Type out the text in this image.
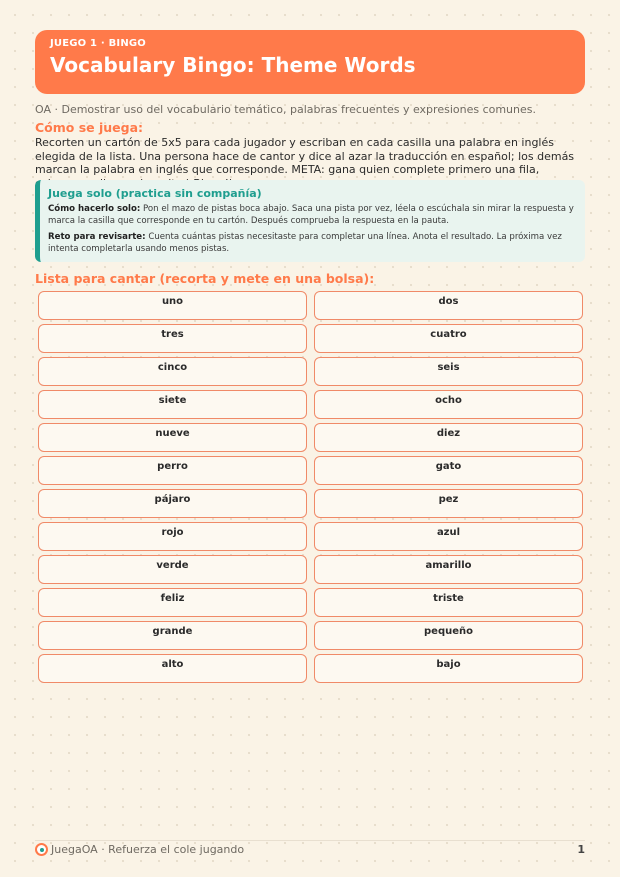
JUEGO 1 · BINGO
Vocabulary Bingo: Theme Words
OA · Demostrar uso del vocabulario temático, palabras frecuentes y expresiones comunes.
Cómo se juega:
Recorten un cartón de 5x5 para cada jugador y escriban en cada casilla una palabra en inglés elegida de la lista. Una persona hace de cantor y dice al azar la traducción en español; los demás marcan la palabra en inglés que corresponde. META: gana quien complete primero una fila,
Juega solo (practica sin compañía)
Cómo hacerlo solo: Pon el mazo de pistas boca abajo. Saca una pista por vez, léela o escúchala sin mirar la respuesta y marca la casilla que corresponde en tu cartón. Después comprueba la respuesta en la pauta.
Reto para revisarte: Cuenta cuántas pistas necesitaste para completar una línea. Anota el resultado. La próxima vez intenta completarla usando menos pistas.
Lista para cantar (recorta y mete en una bolsa):
uno	dos
tres	cuatro
cinco	seis
siete	ocho
nueve	diez
perro	gato
pájaro	pez
rojo	azul
verde	amarillo
feliz	triste
grande	pequeño
alto	bajo
JuegaOA · Refuerza el cole jugando	1
